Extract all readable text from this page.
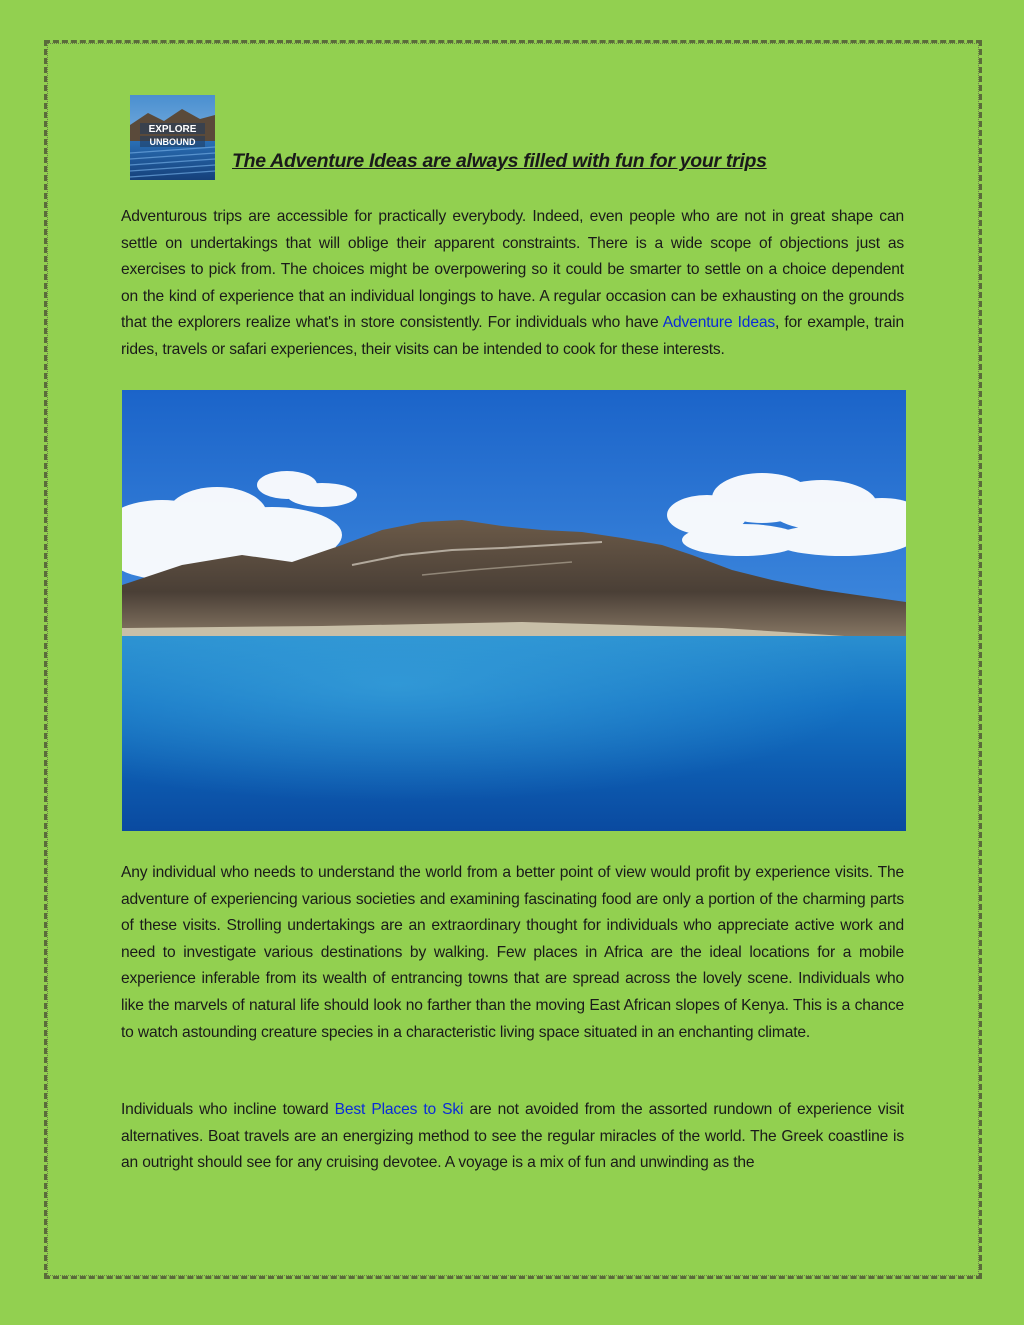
EXPLORE
UNBOUND
The Adventure Ideas are always filled with fun for your trips

Adventurous trips are accessible for practically everybody. Indeed, even people who are not in great shape can settle on undertakings that will oblige their apparent constraints. There is a wide scope of objections just as exercises to pick from. The choices might be overpowering so it could be smarter to settle on a choice dependent on the kind of experience that an individual longings to have. A regular occasion can be exhausting on the grounds that the explorers realize what's in store consistently. For individuals who have Adventure Ideas, for example, train rides, travels or safari experiences, their visits can be intended to cook for these interests.

Any individual who needs to understand the world from a better point of view would profit by experience visits. The adventure of experiencing various societies and examining fascinating food are only a portion of the charming parts of these visits. Strolling undertakings are an extraordinary thought for individuals who appreciate active work and need to investigate various destinations by walking. Few places in Africa are the ideal locations for a mobile experience inferable from its wealth of entrancing towns that are spread across the lovely scene. Individuals who like the marvels of natural life should look no farther than the moving East African slopes of Kenya. This is a chance to watch astounding creature species in a characteristic living space situated in an enchanting climate.

Individuals who incline toward Best Places to Ski are not avoided from the assorted rundown of experience visit alternatives. Boat travels are an energizing method to see the regular miracles of the world. The Greek coastline is an outright should see for any cruising devotee. A voyage is a mix of fun and unwinding as the
